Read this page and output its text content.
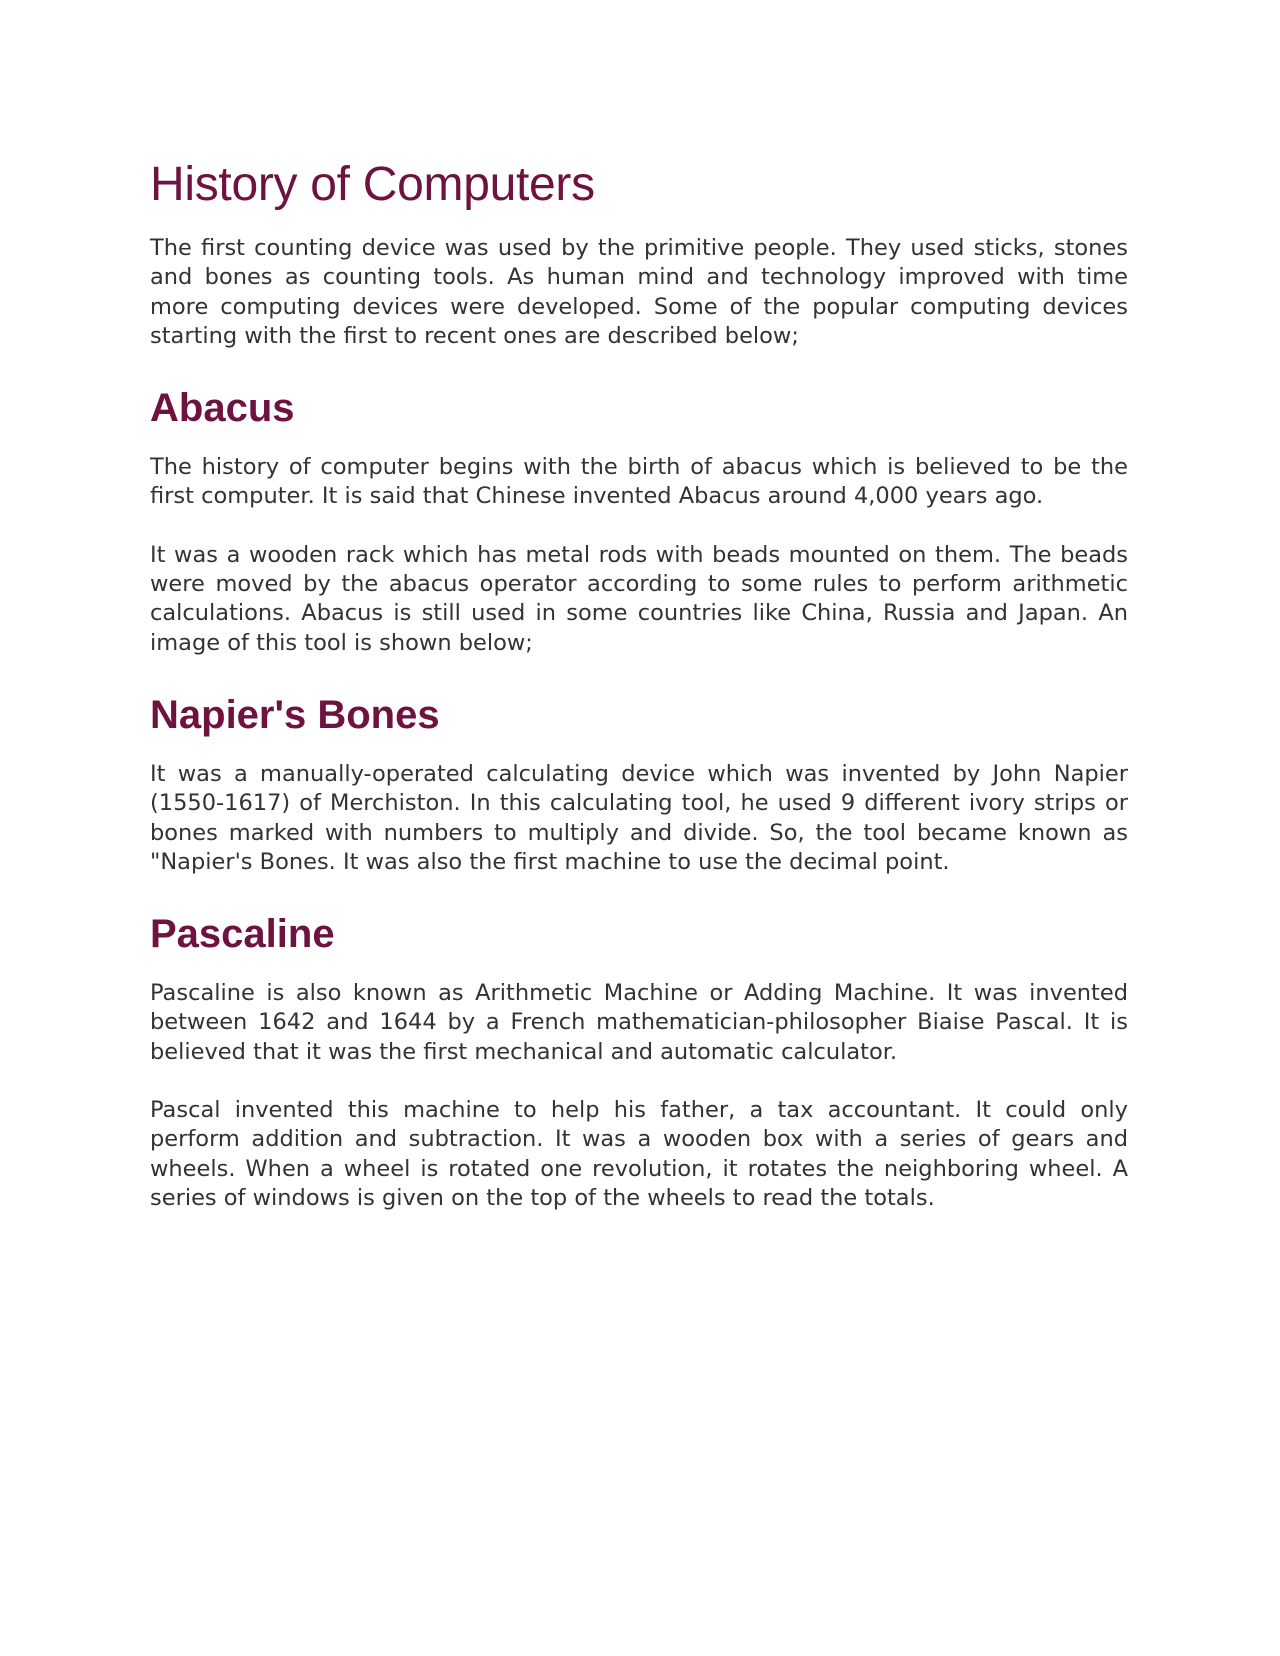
History of Computers

The first counting device was used by the primitive people. They used sticks, stones and bones as counting tools. As human mind and technology improved with time more computing devices were developed. Some of the popular computing devices starting with the first to recent ones are described below;

Abacus

The history of computer begins with the birth of abacus which is believed to be the first computer. It is said that Chinese invented Abacus around 4,000 years ago.

It was a wooden rack which has metal rods with beads mounted on them. The beads were moved by the abacus operator according to some rules to perform arithmetic calculations. Abacus is still used in some countries like China, Russia and Japan. An image of this tool is shown below;

Napier's Bones

It was a manually-operated calculating device which was invented by John Napier (1550-1617) of Merchiston. In this calculating tool, he used 9 different ivory strips or bones marked with numbers to multiply and divide. So, the tool became known as "Napier's Bones. It was also the first machine to use the decimal point.

Pascaline

Pascaline is also known as Arithmetic Machine or Adding Machine. It was invented between 1642 and 1644 by a French mathematician-philosopher Biaise Pascal. It is believed that it was the first mechanical and automatic calculator.

Pascal invented this machine to help his father, a tax accountant. It could only perform addition and subtraction. It was a wooden box with a series of gears and wheels. When a wheel is rotated one revolution, it rotates the neighboring wheel. A series of windows is given on the top of the wheels to read the totals.
